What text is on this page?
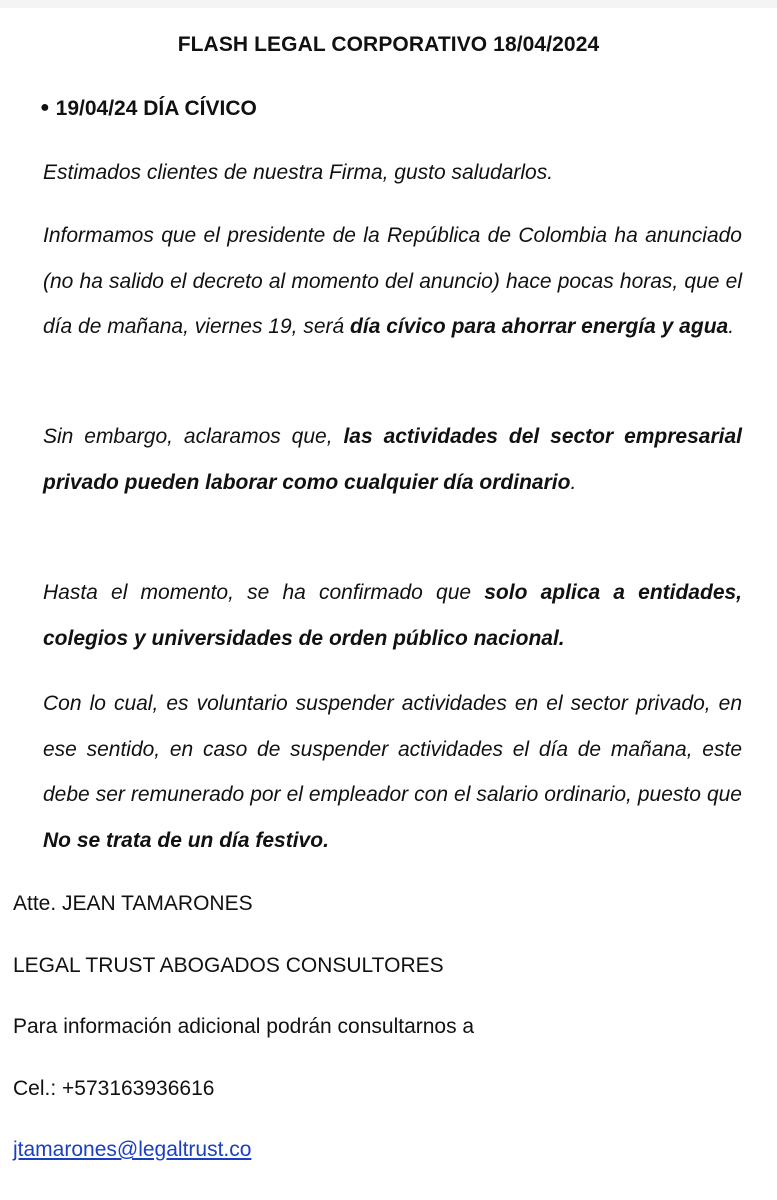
FLASH LEGAL CORPORATIVO 18/04/2024
● 19/04/24 DÍA CÍVICO

Estimados clientes de nuestra Firma, gusto saludarlos.

Informamos que el presidente de la República de Colombia ha anunciado (no ha salido el decreto al momento del anuncio) hace pocas horas, que el día de mañana, viernes 19, será día cívico para ahorrar energía y agua.

Sin embargo, aclaramos que, las actividades del sector empresarial privado pueden laborar como cualquier día ordinario.

Hasta el momento, se ha confirmado que solo aplica a entidades, colegios y universidades de orden público nacional.

Con lo cual, es voluntario suspender actividades en el sector privado, en ese sentido, en caso de suspender actividades el día de mañana, este debe ser remunerado por el empleador con el salario ordinario, puesto que No se trata de un día festivo.

Atte. JEAN TAMARONES
LEGAL TRUST ABOGADOS CONSULTORES
Para información adicional podrán consultarnos a
Cel.: +573163936616
jtamarones@legaltrust.co
